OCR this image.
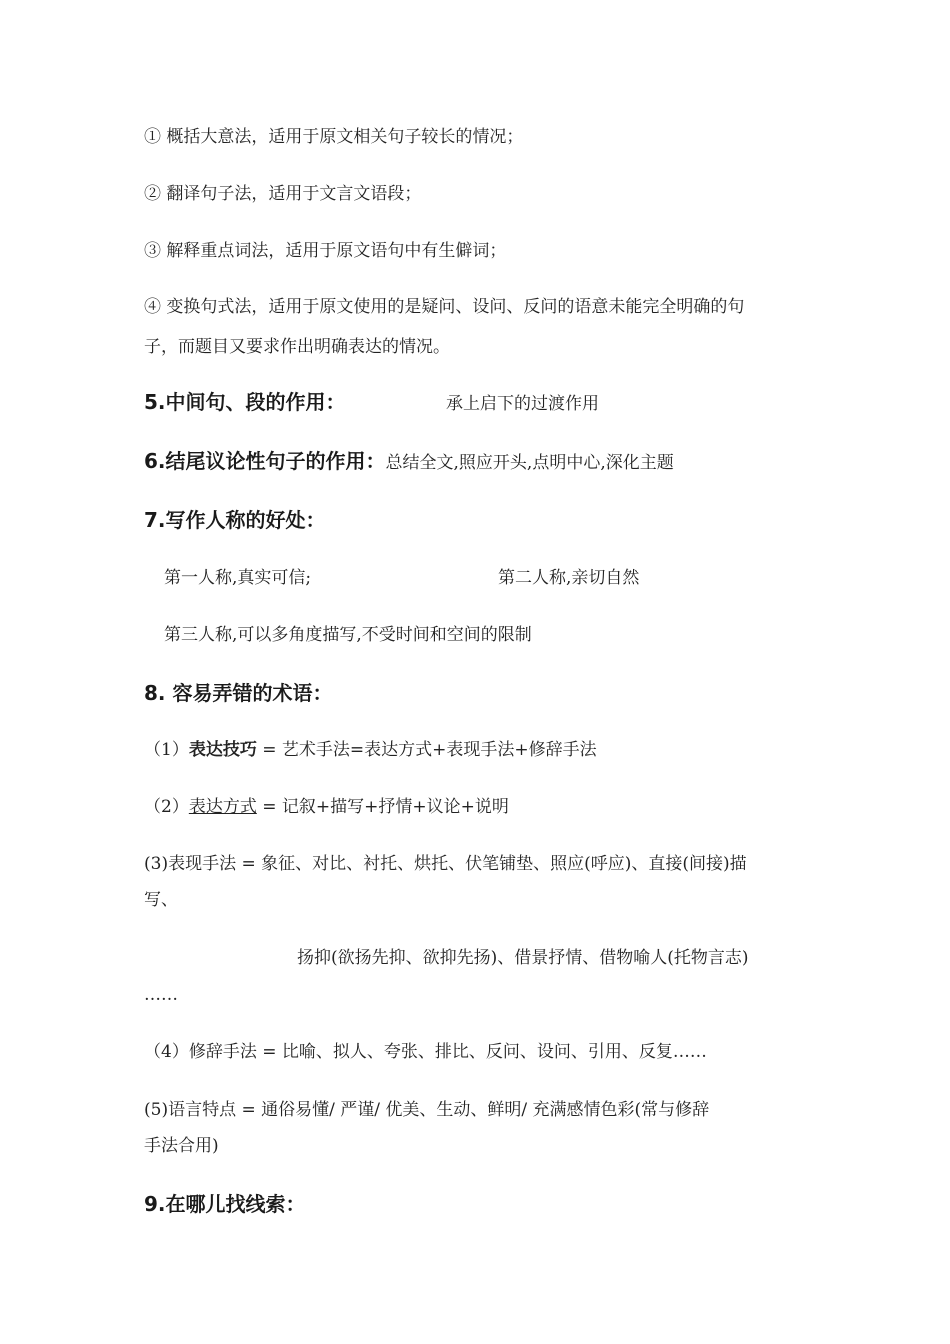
① 概括大意法，适用于原文相关句子较长的情况；
② 翻译句子法，适用于文言文语段；
③ 解释重点词法，适用于原文语句中有生僻词；
④ 变换句式法，适用于原文使用的是疑问、设问、反问的语意未能完全明确的句
子，而题目又要求作出明确表达的情况。
5.中间句、段的作用：	承上启下的过渡作用
6.结尾议论性句子的作用：总结全文,照应开头,点明中心,深化主题
7.写作人称的好处：
第一人称,真实可信;	第二人称,亲切自然
第三人称,可以多角度描写,不受时间和空间的限制
8. 容易弄错的术语：
（1）表达技巧 = 艺术手法=表达方式+表现手法+修辞手法
（2）表达方式 = 记叙+描写+抒情+议论+说明
(3)表现手法 = 象征、对比、衬托、烘托、伏笔铺垫、照应(呼应)、直接(间接)描
写、
扬抑(欲扬先抑、欲抑先扬)、借景抒情、借物喻人(托物言志)
……
（4）修辞手法 = 比喻、拟人、夸张、排比、反问、设问、引用、反复……
(5)语言特点 = 通俗易懂/ 严谨/ 优美、生动、鲜明/ 充满感情色彩(常与修辞
手法合用)
9.在哪儿找线索：
